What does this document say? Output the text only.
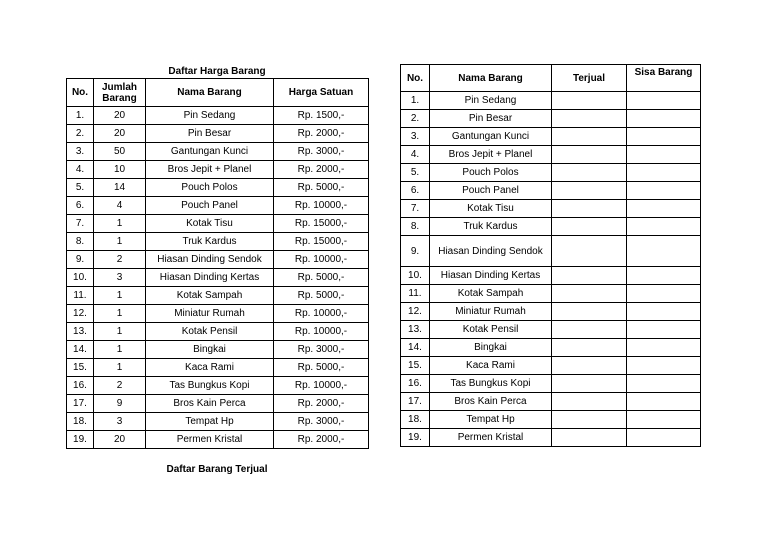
Daftar Harga Barang
No.	Jumlah Barang	Nama Barang	Harga Satuan
1.	20	Pin Sedang	Rp. 1500,-
2.	20	Pin Besar	Rp. 2000,-
3.	50	Gantungan Kunci	Rp. 3000,-
4.	10	Bros Jepit + Planel	Rp. 2000,-
5.	14	Pouch Polos	Rp. 5000,-
6.	4	Pouch Panel	Rp. 10000,-
7.	1	Kotak Tisu	Rp. 15000,-
8.	1	Truk Kardus	Rp. 15000,-
9.	2	Hiasan Dinding Sendok	Rp. 10000,-
10.	3	Hiasan Dinding Kertas	Rp. 5000,-
11.	1	Kotak Sampah	Rp. 5000,-
12.	1	Miniatur Rumah	Rp. 10000,-
13.	1	Kotak Pensil	Rp. 10000,-
14.	1	Bingkai	Rp. 3000,-
15.	1	Kaca Rami	Rp. 5000,-
16.	2	Tas Bungkus Kopi	Rp. 10000,-
17.	9	Bros Kain Perca	Rp. 2000,-
18.	3	Tempat Hp	Rp. 3000,-
19.	20	Permen Kristal	Rp. 2000,-
Daftar Barang Terjual
No.	Nama Barang	Terjual	Sisa Barang
1.	Pin Sedang		
2.	Pin Besar		
3.	Gantungan Kunci		
4.	Bros Jepit + Planel		
5.	Pouch Polos		
6.	Pouch Panel		
7.	Kotak Tisu		
8.	Truk Kardus		
9.	Hiasan Dinding Sendok		
10.	Hiasan Dinding Kertas		
11.	Kotak Sampah		
12.	Miniatur Rumah		
13.	Kotak Pensil		
14.	Bingkai		
15.	Kaca Rami		
16.	Tas Bungkus Kopi		
17.	Bros Kain Perca		
18.	Tempat Hp		
19.	Permen Kristal		
